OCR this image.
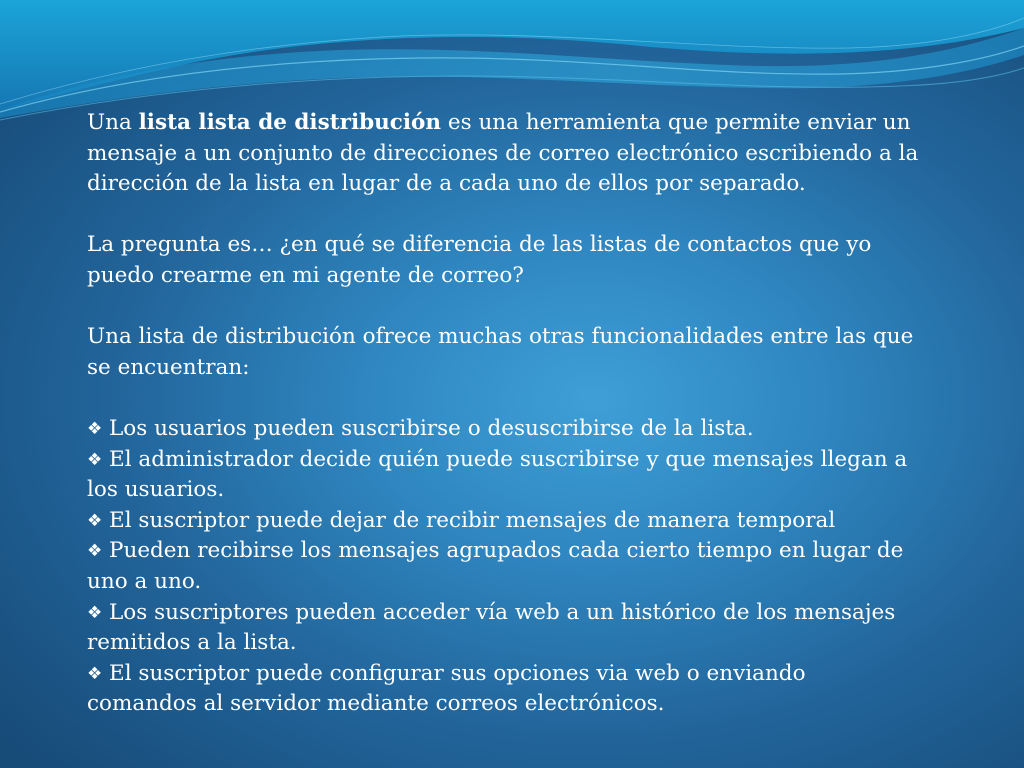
Una lista lista de distribución es una herramienta que permite enviar un mensaje a un conjunto de direcciones de correo electrónico escribiendo a la dirección de la lista en lugar de a cada uno de ellos por separado.

La pregunta es… ¿en qué se diferencia de las listas de contactos que yo puedo crearme en mi agente de correo?

Una lista de distribución ofrece muchas otras funcionalidades entre las que se encuentran:

❖ Los usuarios pueden suscribirse o desuscribirse de la lista.

❖ El administrador decide quién puede suscribirse y que mensajes llegan a los usuarios.

❖ El suscriptor puede dejar de recibir mensajes de manera temporal

❖ Pueden recibirse los mensajes agrupados cada cierto tiempo en lugar de uno a uno.

❖ Los suscriptores pueden acceder vía web a un histórico de los mensajes remitidos a la lista.

❖ El suscriptor puede configurar sus opciones via web o enviando comandos al servidor mediante correos electrónicos.
